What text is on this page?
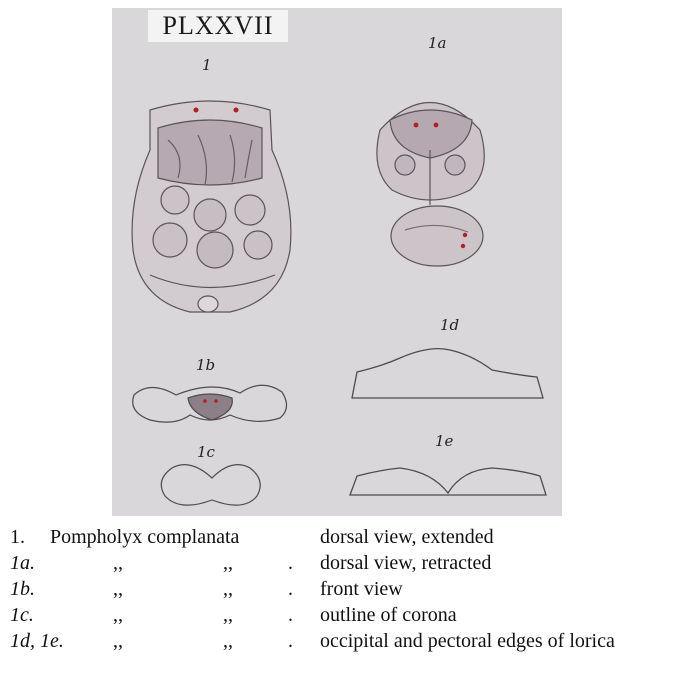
PLXXVII
1
1a
1b
1c
1d
1e
1. Pompholyx complanata	dorsal view, extended
1a.	,,	,,	. dorsal view, retracted
1b.	,,	,,	. front view
1c.	,,	,,	. outline of corona
1d, 1e. ,,	,,	. occipital and pectoral edges of lorica
